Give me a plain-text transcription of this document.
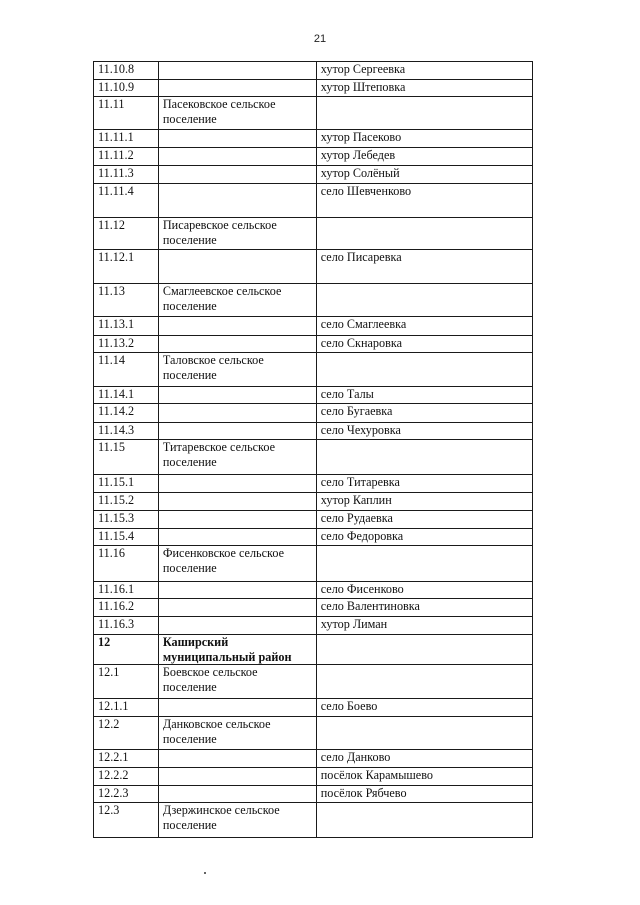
21
11.10.8		хутор Сергеевка
11.10.9		хутор Штеповка
11.11	Пасековское сельское поселение	
11.11.1		хутор Пасеково
11.11.2		хутор Лебедев
11.11.3		хутор Солёный
11.11.4		село Шевченково
11.12	Писаревское сельское поселение	
11.12.1		село Писаревка
11.13	Смаглеевское сельское поселение	
11.13.1		село Смаглеевка
11.13.2		село Скнаровка
11.14	Таловское сельское поселение	
11.14.1		село Талы
11.14.2		село Бугаевка
11.14.3		село Чехуровка
11.15	Титаревское сельское поселение	
11.15.1		село Титаревка
11.15.2		хутор Каплин
11.15.3		село Рудаевка
11.15.4		село Федоровка
11.16	Фисенковское сельское поселение	
11.16.1		село Фисенково
11.16.2		село Валентиновка
11.16.3		хутор Лиман
12	Каширский муниципальный район	
12.1	Боевское сельское поселение	
12.1.1		село Боево
12.2	Данковское сельское поселение	
12.2.1		село Данково
12.2.2		посёлок Карамышево
12.2.3		посёлок Рябчево
12.3	Дзержинское сельское поселение	
